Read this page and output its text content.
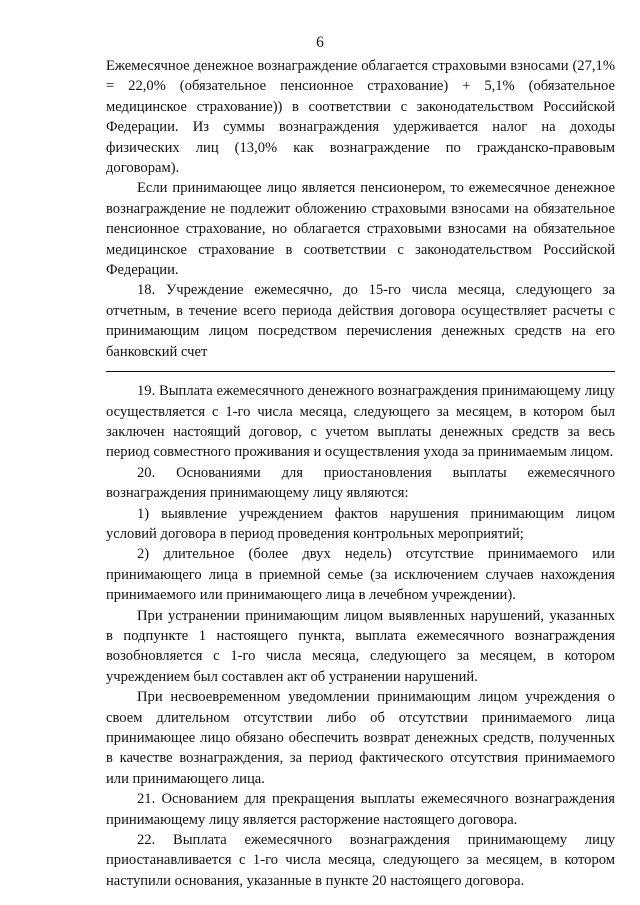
6

Ежемесячное денежное вознаграждение облагается страховыми взносами (27,1% = 22,0% (обязательное пенсионное страхование) + 5,1% (обязательное медицинское страхование)) в соответствии с законодательством Российской Федерации. Из суммы вознаграждения удерживается налог на доходы физических лиц (13,0% как вознаграждение по гражданско-правовым договорам).

Если принимающее лицо является пенсионером, то ежемесячное денежное вознаграждение не подлежит обложению страховыми взносами на обязательное пенсионное страхование, но облагается страховыми взносами на обязательное медицинское страхование в соответствии с законодательством Российской Федерации.

18. Учреждение ежемесячно, до 15-го числа месяца, следующего за отчетным, в течение всего периода действия договора осуществляет расчеты с принимающим лицом посредством перечисления денежных средств на его банковский счет

19. Выплата ежемесячного денежного вознаграждения принимающему лицу осуществляется с 1-го числа месяца, следующего за месяцем, в котором был заключен настоящий договор, с учетом выплаты денежных средств за весь период совместного проживания и осуществления ухода за принимаемым лицом.

20. Основаниями для приостановления выплаты ежемесячного вознаграждения принимающему лицу являются:

1) выявление учреждением фактов нарушения принимающим лицом условий договора в период проведения контрольных мероприятий;

2) длительное (более двух недель) отсутствие принимаемого или принимающего лица в приемной семье (за исключением случаев нахождения принимаемого или принимающего лица в лечебном учреждении).

При устранении принимающим лицом выявленных нарушений, указанных в подпункте 1 настоящего пункта, выплата ежемесячного вознаграждения возобновляется с 1-го числа месяца, следующего за месяцем, в котором учреждением был составлен акт об устранении нарушений.

При несвоевременном уведомлении принимающим лицом учреждения о своем длительном отсутствии либо об отсутствии принимаемого лица принимающее лицо обязано обеспечить возврат денежных средств, полученных в качестве вознаграждения, за период фактического отсутствия принимаемого или принимающего лица.

21. Основанием для прекращения выплаты ежемесячного вознаграждения принимающему лицу является расторжение настоящего договора.

22. Выплата ежемесячного вознаграждения принимающему лицу приостанавливается с 1-го числа месяца, следующего за месяцем, в котором наступили основания, указанные в пункте 20 настоящего договора.
